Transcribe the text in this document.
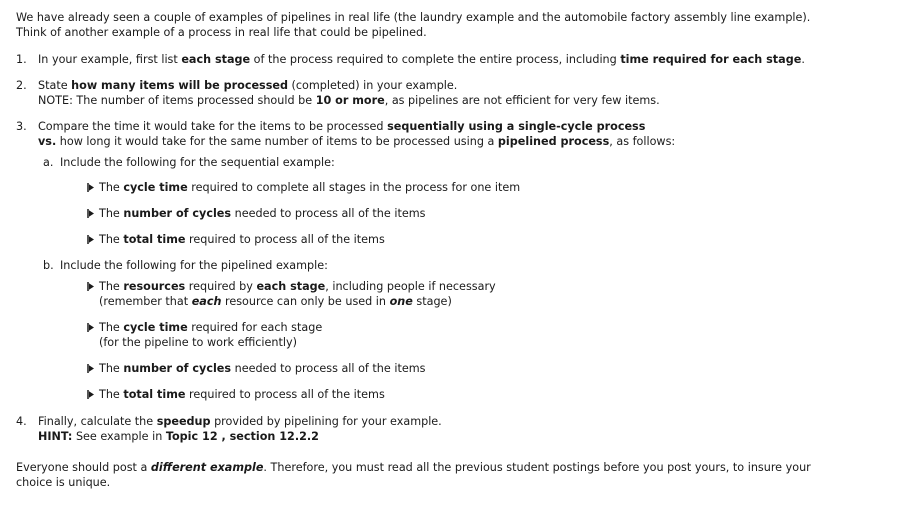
We have already seen a couple of examples of pipelines in real life (the laundry example and the automobile factory assembly line example).

Think of another example of a process in real life that could be pipelined.

1.	In your example, first list each stage of the process required to complete the entire process, including time required for each stage.
2.	State how many items will be processed (completed) in your example.

NOTE: The number of items processed should be 10 or more, as pipelines are not efficient for very few items.

3.	Compare the time it would take for the items to be processed sequentially using a single-cycle process

vs. how long it would take for the same number of items to be processed using a pipelined process, as follows:

a. Include the following for the sequential example:
The cycle time required to complete all stages in the process for one item
The number of cycles needed to process all of the items
The total time required to process all of the items
b. Include the following for the pipelined example:

The resources required by each stage, including people if necessary

(remember that each resource can only be used in one stage)

The cycle time required for each stage

(for the pipeline to work efficiently)

The number of cycles needed to process all of the items
The total time required to process all of the items
4.	Finally, calculate the speedup provided by pipelining for your example.

HINT: See example in Topic 12 , section 12.2.2

Everyone should post a different example. Therefore, you must read all the previous student postings before you post yours, to insure your

choice is unique.
